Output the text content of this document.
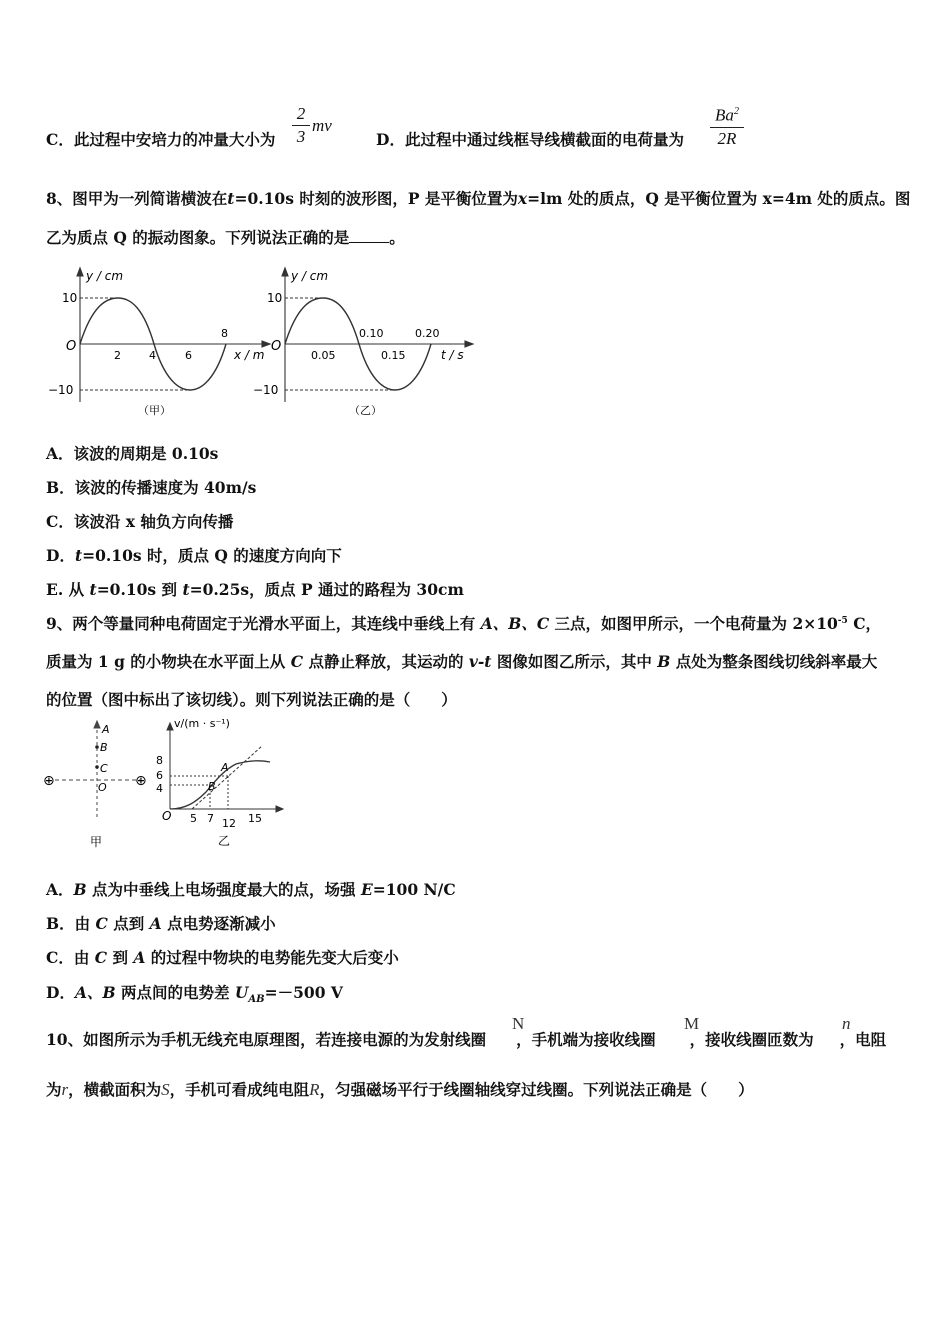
C．此过程中安培力的冲量大小为
2
3
mv
D．此过程中通过线框导线横截面的电荷量为
Ba$^2$
2R
8、图甲为一列简谐横波在t=0.10s 时刻的波形图，P 是平衡位置为x=lm 处的质点，Q 是平衡位置为 x=4m 处的质点。图
乙为质点 Q 的振动图象。下列说法正确的是	。
y / cm
10
−10
O
2	4	6
8
x / m
（甲）
y / cm
10
−10
O
0.05
0.10
0.15
0.20
t / s
（乙）
A．该波的周期是 0.10s
B．该波的传播速度为 40m/s
C．该波沿 x 轴负方向传播
D．t=0.10s 时，质点 Q 的速度方向向下
E. 从 t=0.10s 到 t=0.25s，质点 P 通过的路程为 30cm
9、两个等量同种电荷固定于光滑水平面上，其连线中垂线上有 A、B、C 三点，如图甲所示，一个电荷量为 $2\times 10^{-5}$ C，
质量为 1 g 的小物块在水平面上从 C 点静止释放，其运动的 v-t 图像如图乙所示，其中 B 点处为整条图线切线斜率最大
的位置（图中标出了该切线）。则下列说法正确的是（　　）
A
B
C
O
⊕	⊕
甲
v/(m · s⁻¹)
8
6
4
O 5 7 12 15
A
B
乙
A．B 点为中垂线上电场强度最大的点，场强 E=100 N/C
B．由 C 点到 A 点电势逐渐减小
C．由 C 到 A 的过程中物块的电势能先变大后变小
D．A、B 两点间的电势差 $U_{AB}=-500$ V
10、如图所示为手机无线充电原理图，若连接电源的为发射线圈 ，手机端为接收线圈 ，接收线圈匝数为 ，电阻
N	M	n
为r，横截面积为S，手机可看成纯电阻R，匀强磁场平行于线圈轴线穿过线圈。下列说法正确是（　　）
